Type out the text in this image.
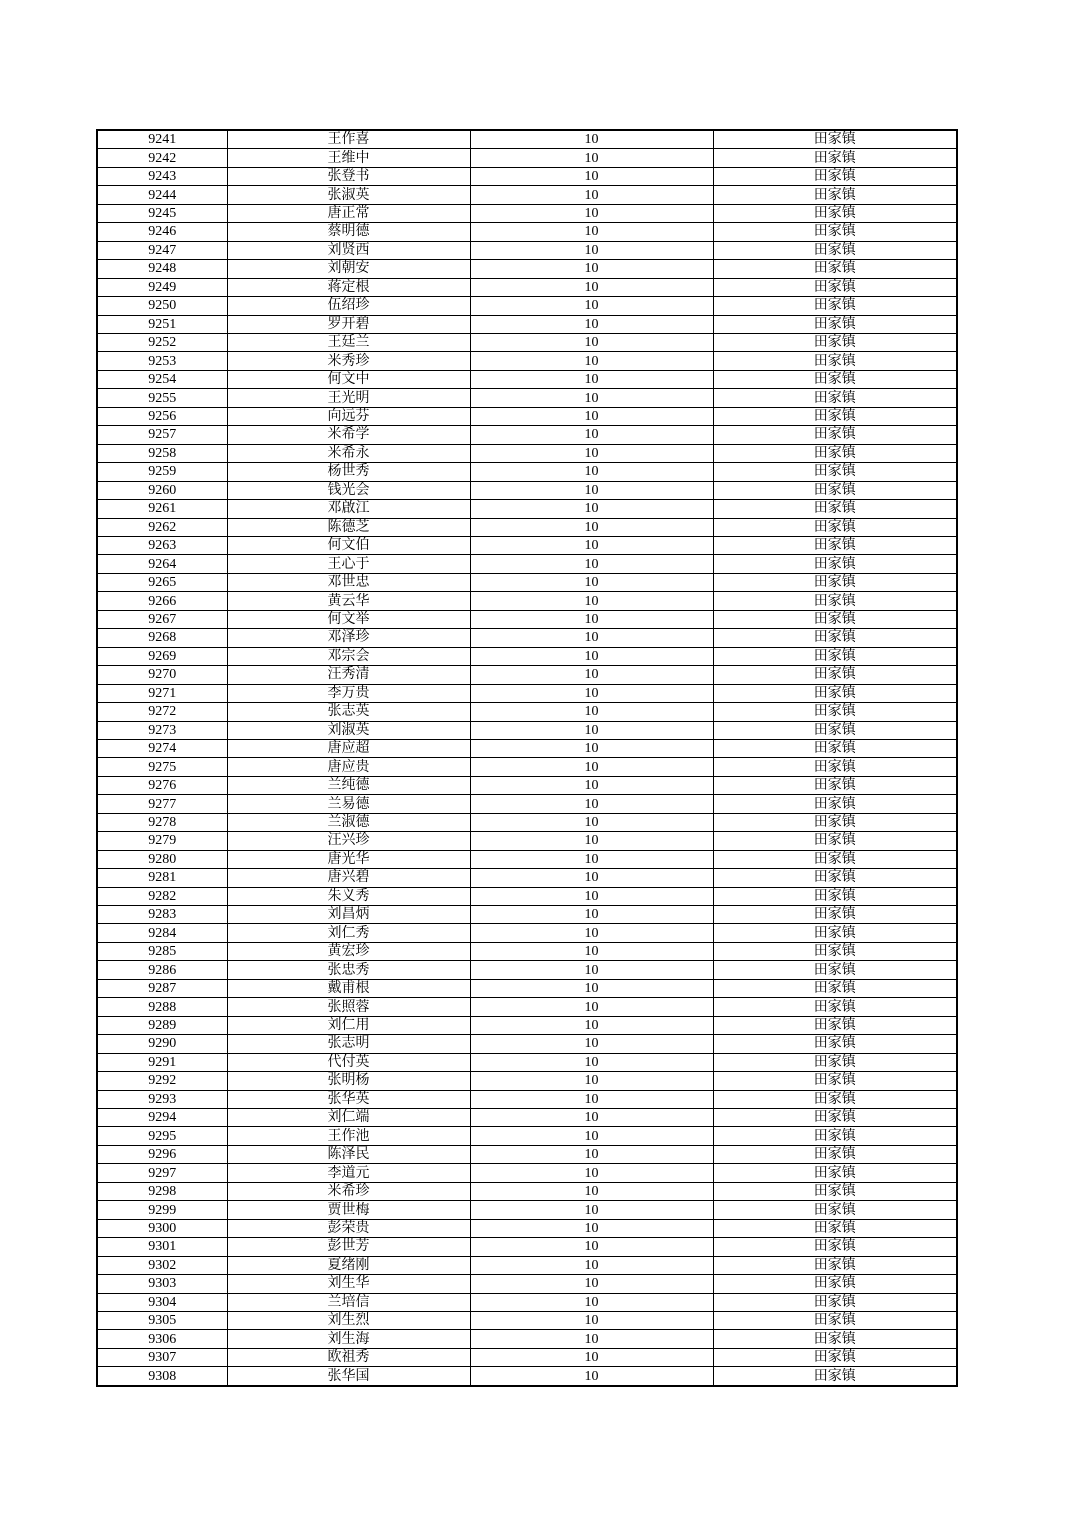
9241	王作喜	10	田家镇
9242	王维中	10	田家镇
9243	张登书	10	田家镇
9244	张淑英	10	田家镇
9245	唐正常	10	田家镇
9246	蔡明德	10	田家镇
9247	刘贤西	10	田家镇
9248	刘朝安	10	田家镇
9249	蒋定根	10	田家镇
9250	伍绍珍	10	田家镇
9251	罗开碧	10	田家镇
9252	王廷兰	10	田家镇
9253	米秀珍	10	田家镇
9254	何文中	10	田家镇
9255	王光明	10	田家镇
9256	向远芬	10	田家镇
9257	米希学	10	田家镇
9258	米希永	10	田家镇
9259	杨世秀	10	田家镇
9260	钱光会	10	田家镇
9261	邓啟江	10	田家镇
9262	陈德芝	10	田家镇
9263	何文伯	10	田家镇
9264	王心于	10	田家镇
9265	邓世忠	10	田家镇
9266	黄云华	10	田家镇
9267	何文举	10	田家镇
9268	邓泽珍	10	田家镇
9269	邓宗会	10	田家镇
9270	汪秀清	10	田家镇
9271	李万贵	10	田家镇
9272	张志英	10	田家镇
9273	刘淑英	10	田家镇
9274	唐应超	10	田家镇
9275	唐应贵	10	田家镇
9276	兰纯德	10	田家镇
9277	兰易德	10	田家镇
9278	兰淑德	10	田家镇
9279	汪兴珍	10	田家镇
9280	唐光华	10	田家镇
9281	唐兴碧	10	田家镇
9282	朱义秀	10	田家镇
9283	刘昌炳	10	田家镇
9284	刘仁秀	10	田家镇
9285	黄宏珍	10	田家镇
9286	张忠秀	10	田家镇
9287	戴甫根	10	田家镇
9288	张照蓉	10	田家镇
9289	刘仁用	10	田家镇
9290	张志明	10	田家镇
9291	代付英	10	田家镇
9292	张明杨	10	田家镇
9293	张华英	10	田家镇
9294	刘仁端	10	田家镇
9295	王作池	10	田家镇
9296	陈泽民	10	田家镇
9297	李道元	10	田家镇
9298	米希珍	10	田家镇
9299	贾世梅	10	田家镇
9300	彭荣贵	10	田家镇
9301	彭世芳	10	田家镇
9302	夏绪刚	10	田家镇
9303	刘生华	10	田家镇
9304	兰培信	10	田家镇
9305	刘生烈	10	田家镇
9306	刘生海	10	田家镇
9307	欧祖秀	10	田家镇
9308	张华国	10	田家镇
